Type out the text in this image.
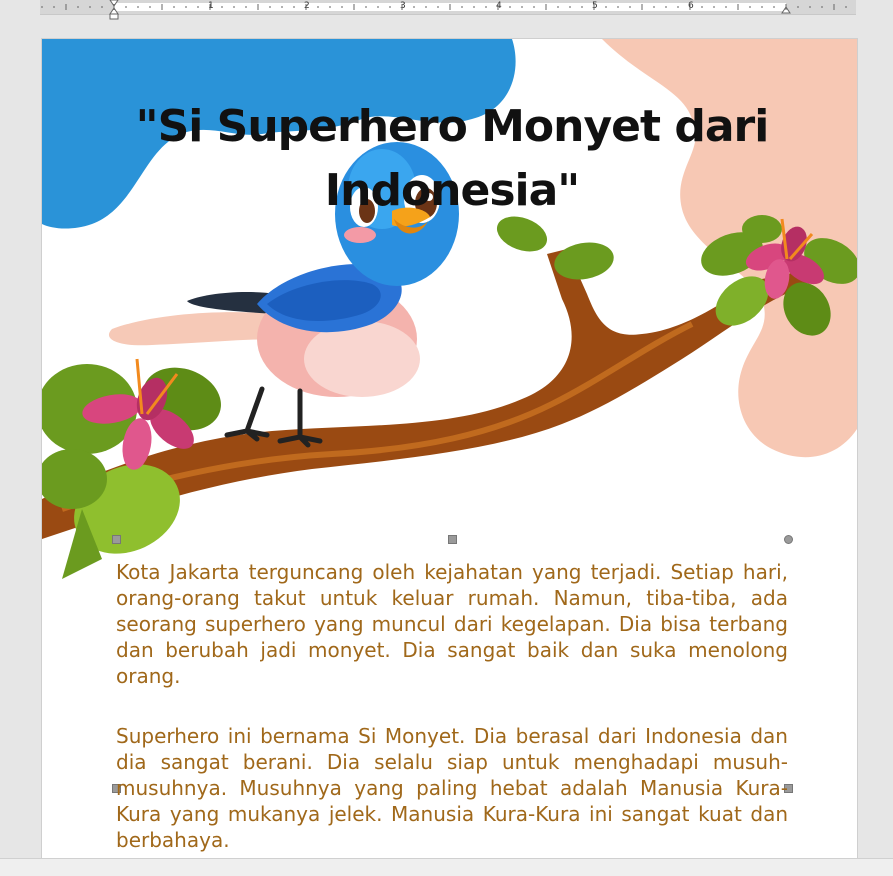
1	2	3	4	5	6
"Si Superhero Monyet dari Indonesia"

Kota Jakarta terguncang oleh kejahatan yang terjadi. Setiap hari, orang-orang takut untuk keluar rumah. Namun, tiba-tiba, ada seorang superhero yang muncul dari kegelapan. Dia bisa terbang dan berubah jadi monyet. Dia sangat baik dan suka menolong orang.

Superhero ini bernama Si Monyet. Dia berasal dari Indonesia dan dia sangat berani. Dia selalu siap untuk menghadapi musuh-musuhnya. Musuhnya yang paling hebat adalah Manusia Kura-Kura yang mukanya jelek. Manusia Kura-Kura ini sangat kuat dan berbahaya.
